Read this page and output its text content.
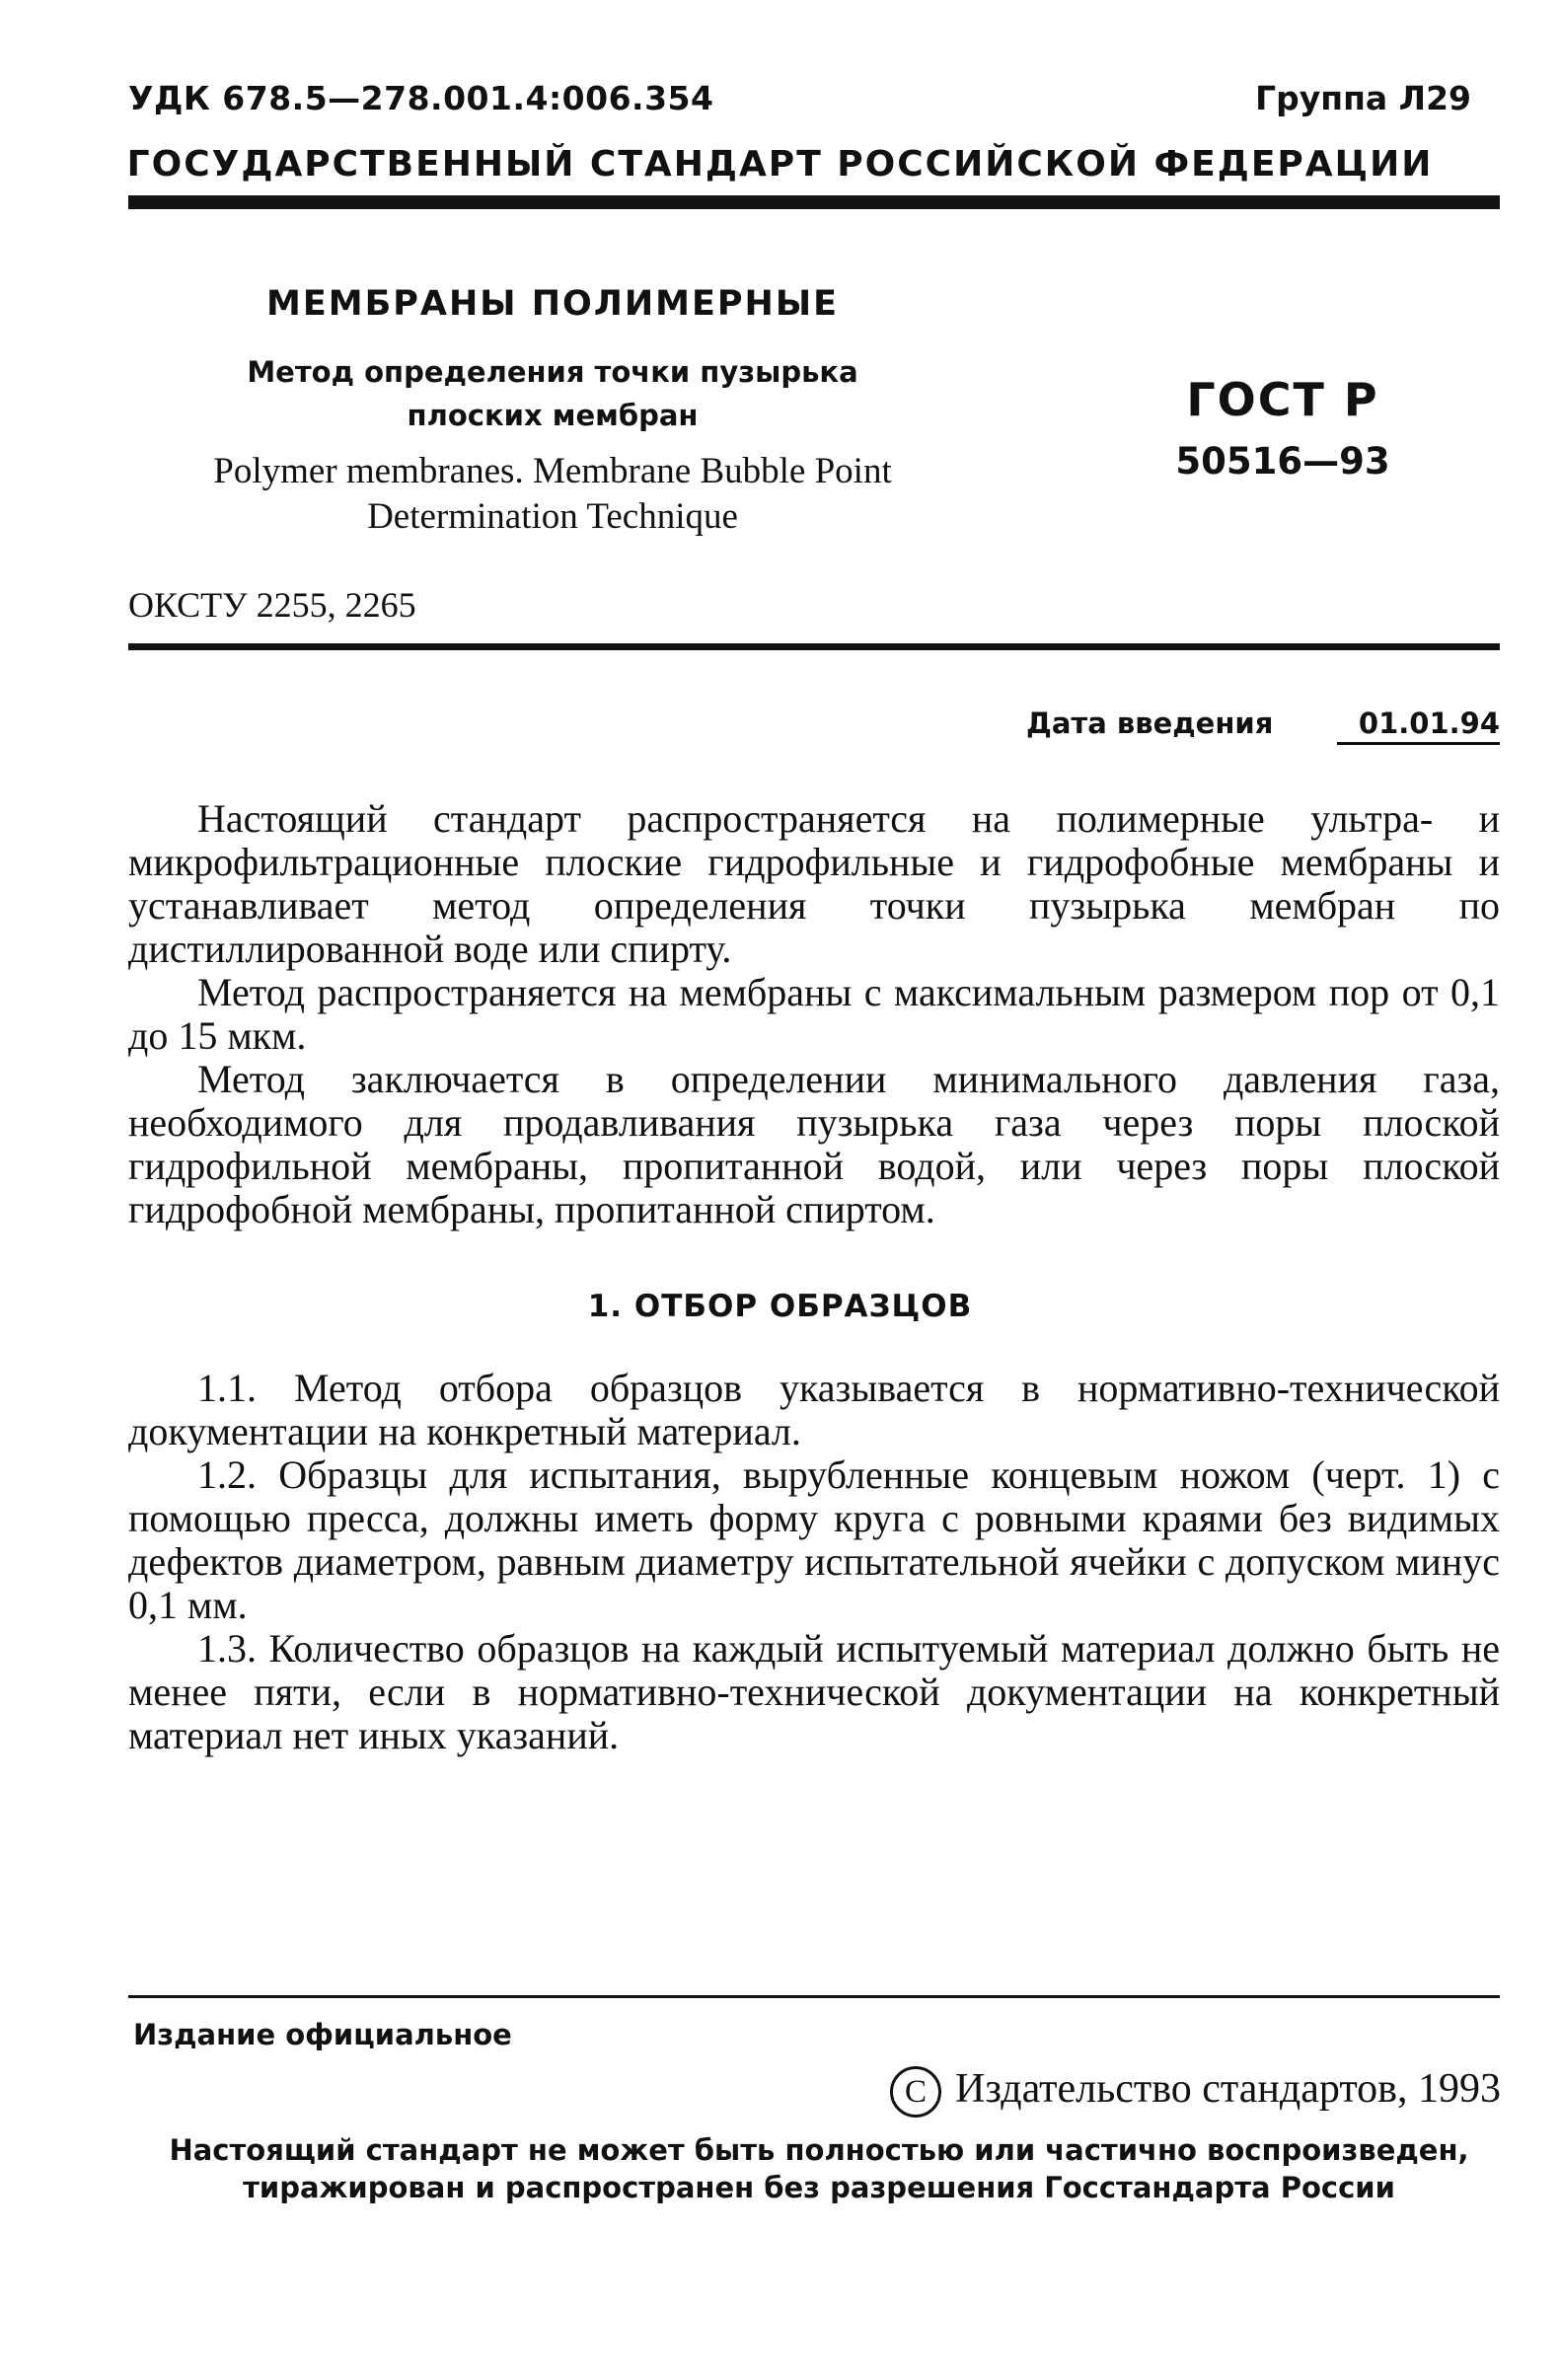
УДК 678.5—278.001.4:006.354	Группа Л29
ГОСУДАРСТВЕННЫЙ СТАНДАРТ РОССИЙСКОЙ ФЕДЕРАЦИИ
МЕМБРАНЫ ПОЛИМЕРНЫЕ
Метод определения точки пузырька
плоских мембран
Polymer membranes. Membrane Bubble Point
Determination Technique
ГОСТ Р
50516—93
ОКСТУ 2255, 2265
Дата введения	01.01.94

Настоящий стандарт распространяется на полимерные ультра- и микрофильтрационные плоские гидрофильные и гидрофобные мембраны и устанавливает метод определения точки пузырька мембран по дистиллированной воде или спирту.

Метод распространяется на мембраны с максимальным размером пор от 0,1 до 15 мкм.

Метод заключается в определении минимального давления газа, необходимого для продавливания пузырька газа через поры плоской гидрофильной мембраны, пропитанной водой, или через поры плоской гидрофобной мембраны, пропитанной спиртом.

1. ОТБОР ОБРАЗЦОВ

1.1. Метод отбора образцов указывается в нормативно-технической документации на конкретный материал.

1.2. Образцы для испытания, вырубленные концевым ножом (черт. 1) с помощью пресса, должны иметь форму круга с ровными краями без видимых дефектов диаметром, равным диаметру испытательной ячейки с допуском минус 0,1 мм.

1.3. Количество образцов на каждый испытуемый материал должно быть не менее пяти, если в нормативно-технической документации на конкретный материал нет иных указаний.

Издание официальное
C Издательство стандартов, 1993
Настоящий стандарт не может быть полностью или частично воспроизведен,
тиражирован и распространен без разрешения Госстандарта России
